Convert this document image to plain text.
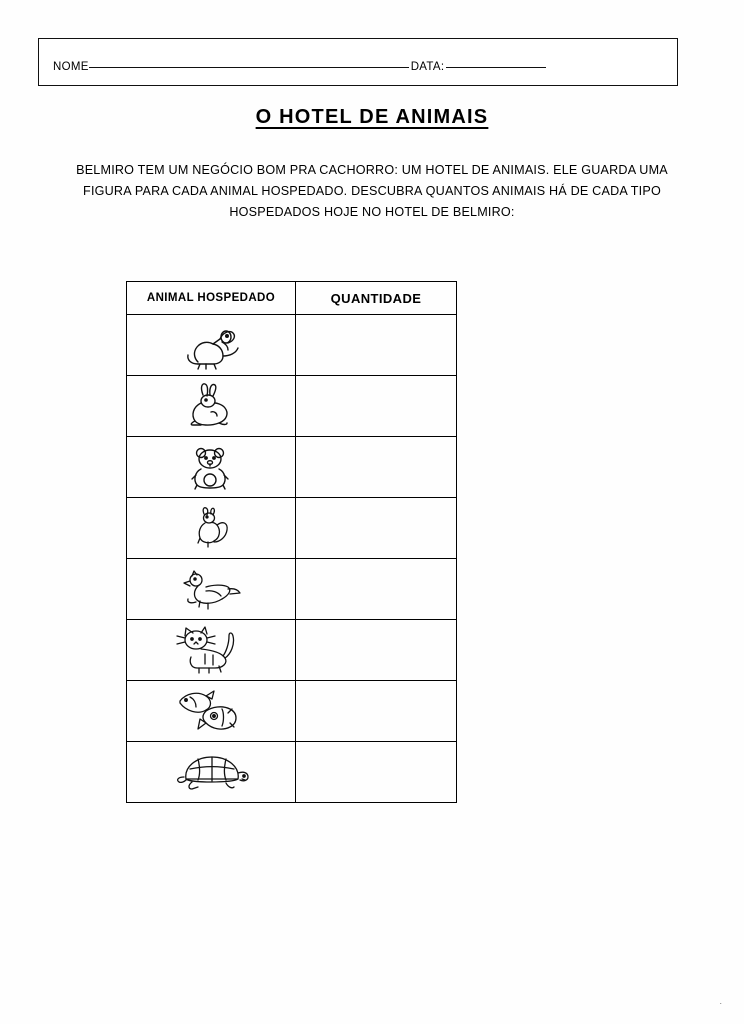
NOME	DATA:
O HOTEL DE ANIMAIS
BELMIRO TEM UM NEGÓCIO BOM PRA CACHORRO: UM HOTEL DE ANIMAIS. ELE GUARDA UMA FIGURA PARA CADA ANIMAL HOSPEDADO. DESCUBRA QUANTOS ANIMAIS HÁ DE CADA TIPO HOSPEDADOS HOJE NO HOTEL DE BELMIRO:
ANIMAL HOSPEDADO	QUANTIDADE

.
